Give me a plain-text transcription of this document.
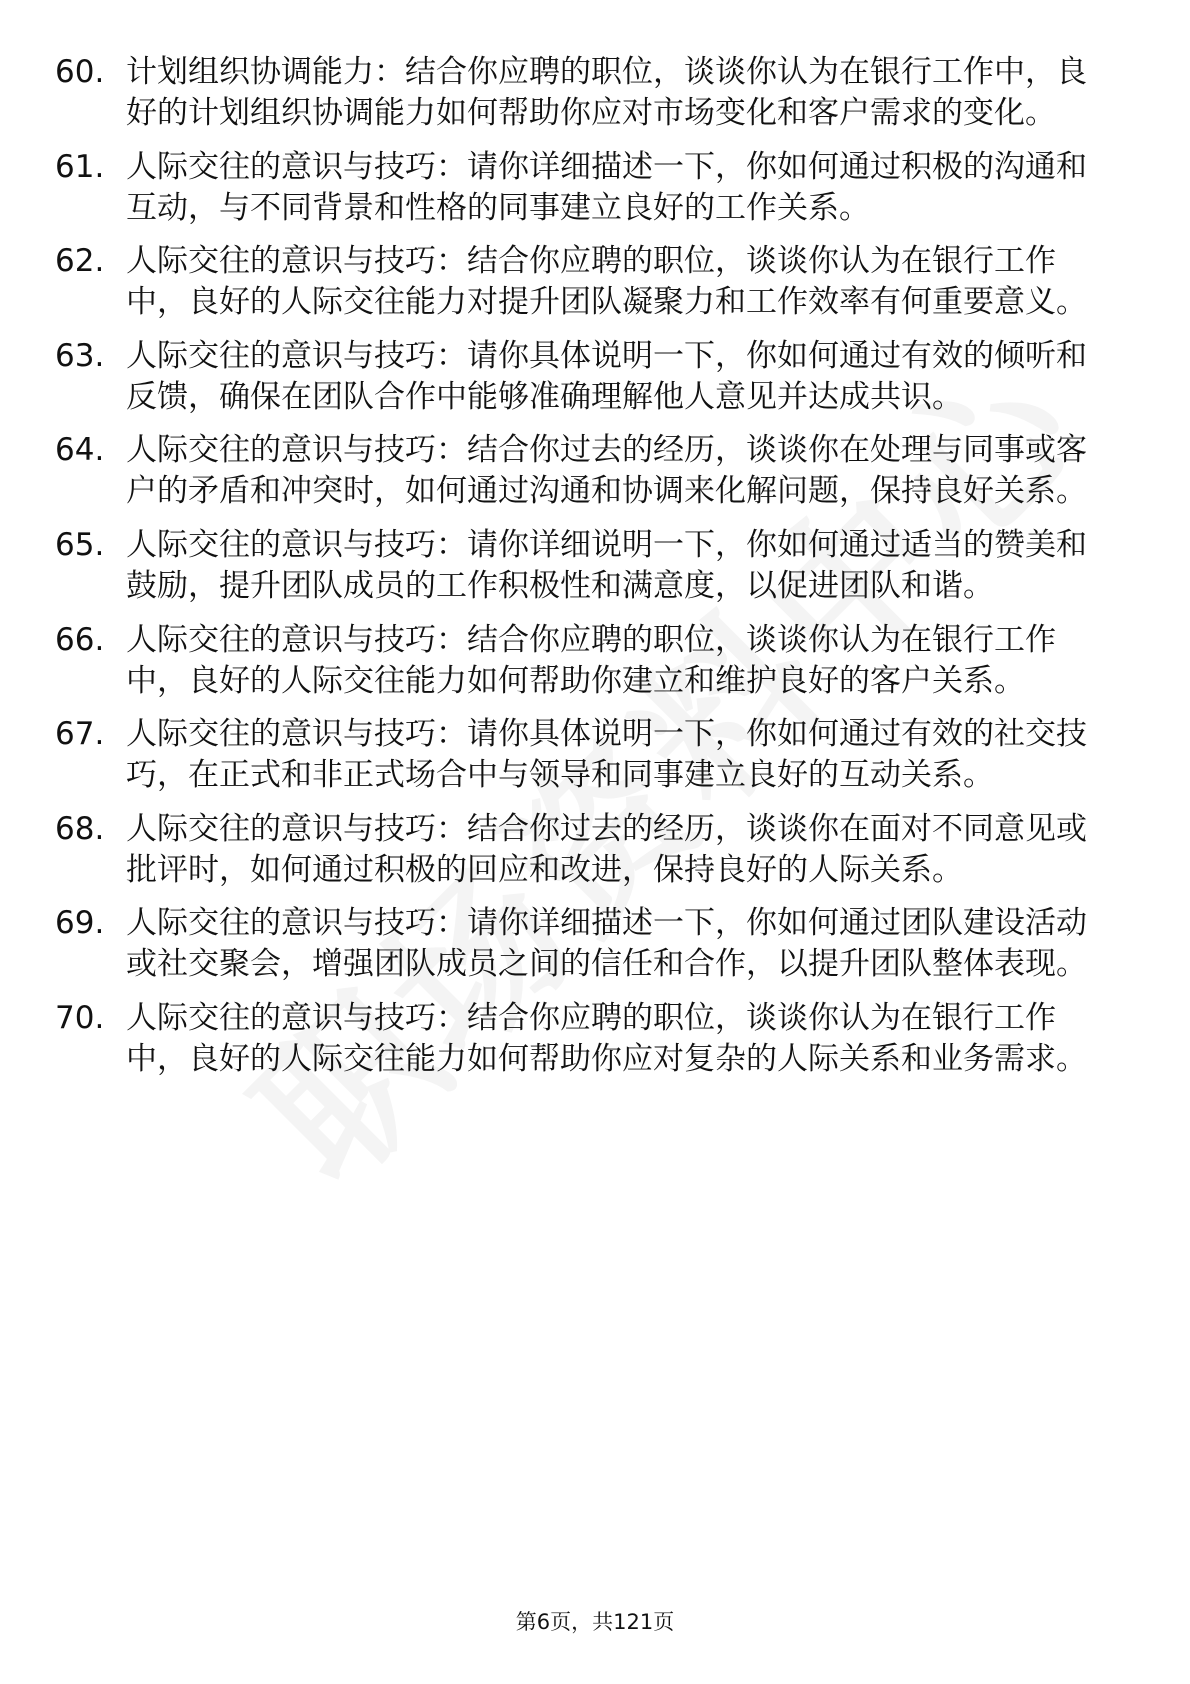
60. 计划组织协调能力：结合你应聘的职位，谈谈你认为在银行工作中，良好的计划组织协调能力如何帮助你应对市场变化和客户需求的变化。
61. 人际交往的意识与技巧：请你详细描述一下，你如何通过积极的沟通和互动，与不同背景和性格的同事建立良好的工作关系。
62. 人际交往的意识与技巧：结合你应聘的职位，谈谈你认为在银行工作中，良好的人际交往能力对提升团队凝聚力和工作效率有何重要意义。
63. 人际交往的意识与技巧：请你具体说明一下，你如何通过有效的倾听和反馈，确保在团队合作中能够准确理解他人意见并达成共识。
64. 人际交往的意识与技巧：结合你过去的经历，谈谈你在处理与同事或客户的矛盾和冲突时，如何通过沟通和协调来化解问题，保持良好关系。
65. 人际交往的意识与技巧：请你详细说明一下，你如何通过适当的赞美和鼓励，提升团队成员的工作积极性和满意度，以促进团队和谐。
66. 人际交往的意识与技巧：结合你应聘的职位，谈谈你认为在银行工作中，良好的人际交往能力如何帮助你建立和维护良好的客户关系。
67. 人际交往的意识与技巧：请你具体说明一下，你如何通过有效的社交技巧，在正式和非正式场合中与领导和同事建立良好的互动关系。
68. 人际交往的意识与技巧：结合你过去的经历，谈谈你在面对不同意见或批评时，如何通过积极的回应和改进，保持良好的人际关系。
69. 人际交往的意识与技巧：请你详细描述一下，你如何通过团队建设活动或社交聚会，增强团队成员之间的信任和合作，以提升团队整体表现。
70. 人际交往的意识与技巧：结合你应聘的职位，谈谈你认为在银行工作中，良好的人际交往能力如何帮助你应对复杂的人际关系和业务需求。
第6页，共121页
